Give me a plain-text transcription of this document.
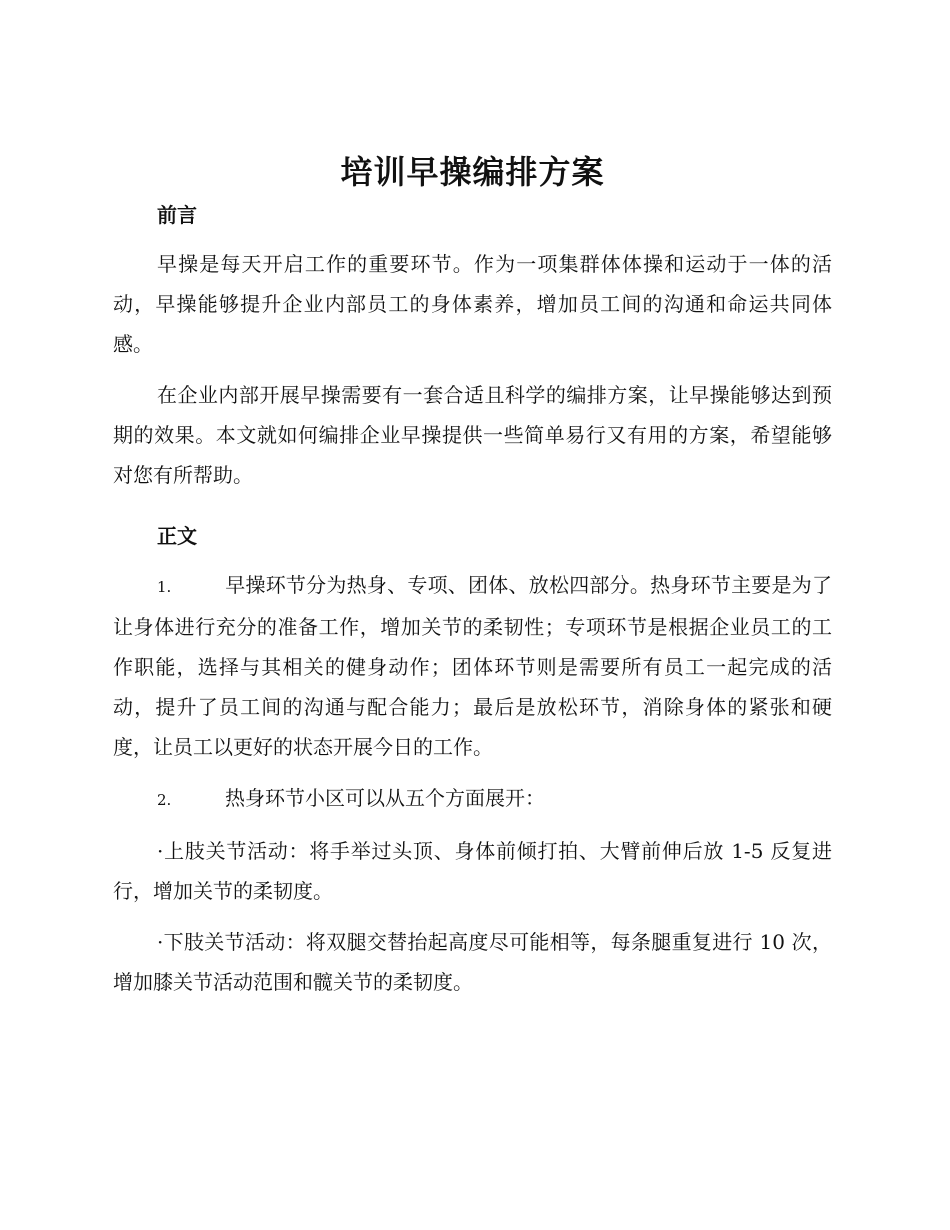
培训早操编排方案
前言

早操是每天开启工作的重要环节。作为一项集群体体操和运动于一体的活动，早操能够提升企业内部员工的身体素养，增加员工间的沟通和命运共同体感。

在企业内部开展早操需要有一套合适且科学的编排方案，让早操能够达到预期的效果。本文就如何编排企业早操提供一些简单易行又有用的方案，希望能够对您有所帮助。

正文

1.	早操环节分为热身、专项、团体、放松四部分。热身环节主要是为了让身体进行充分的准备工作，增加关节的柔韧性；专项环节是根据企业员工的工作职能，选择与其相关的健身动作；团体环节则是需要所有员工一起完成的活动，提升了员工间的沟通与配合能力；最后是放松环节，消除身体的紧张和硬度，让员工以更好的状态开展今日的工作。

2.	热身环节小区可以从五个方面展开：

·上肢关节活动：将手举过头顶、身体前倾打拍、大臂前伸后放 1-5 反复进行，增加关节的柔韧度。

·下肢关节活动：将双腿交替抬起高度尽可能相等，每条腿重复进行 10 次，增加膝关节活动范围和髋关节的柔韧度。
